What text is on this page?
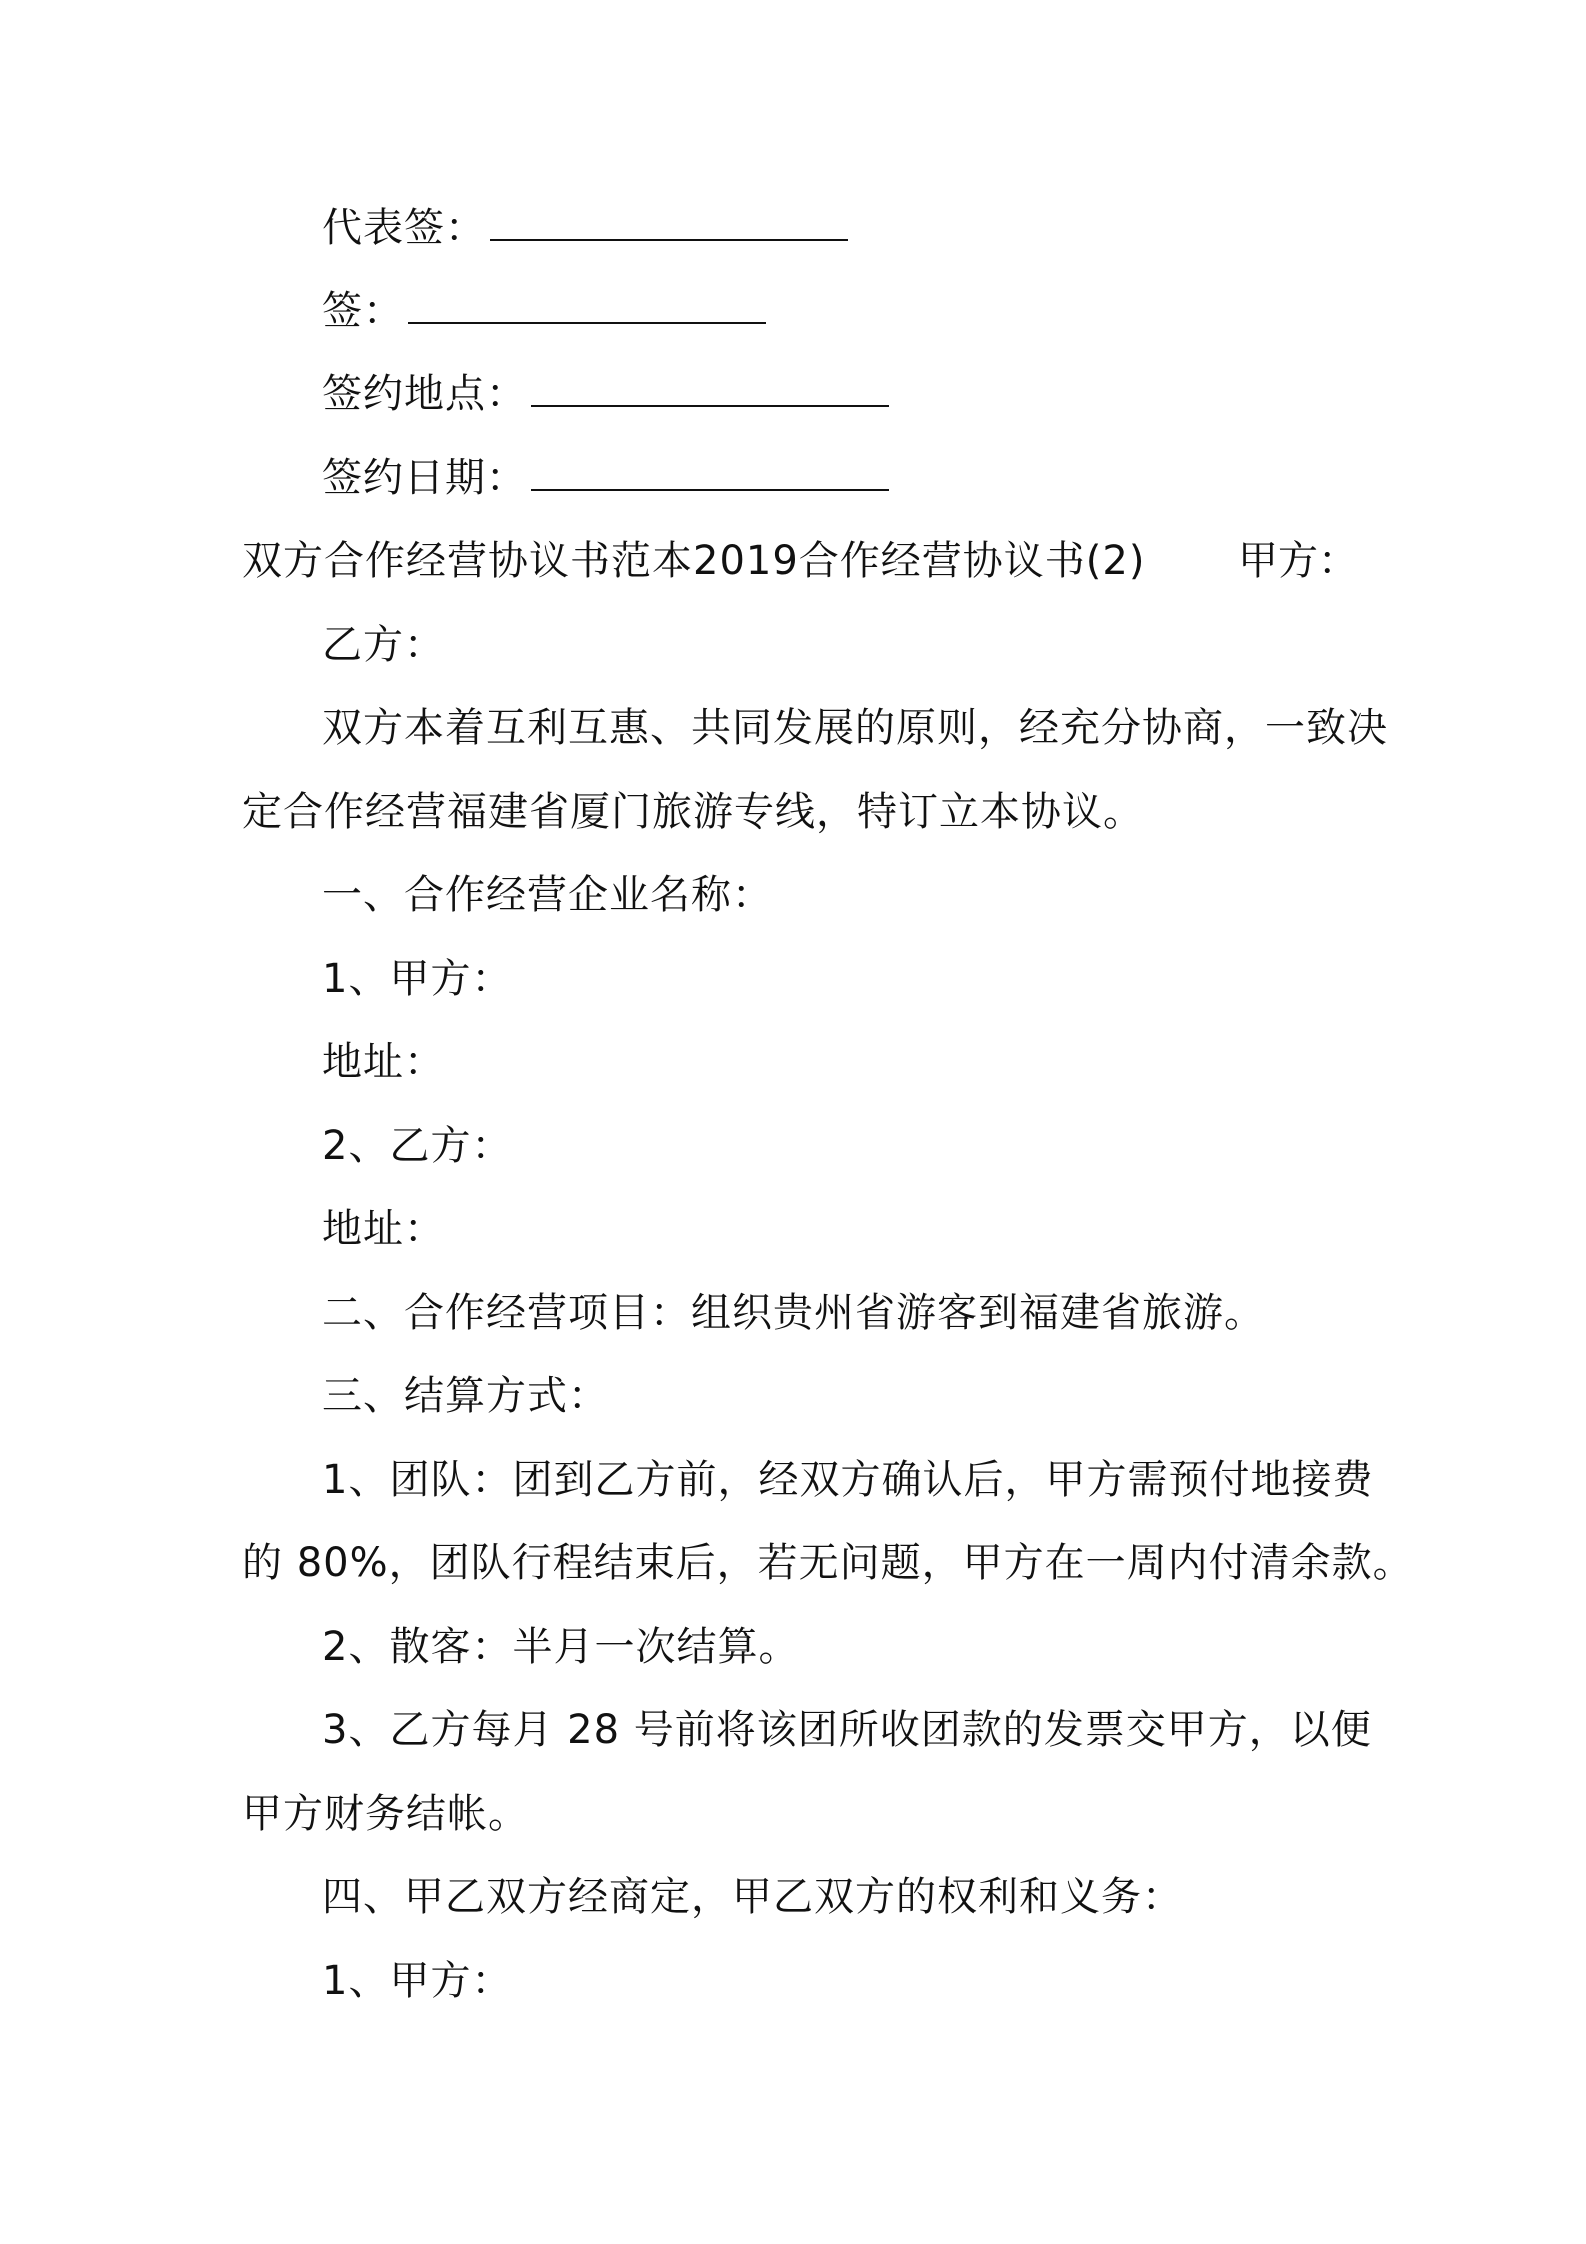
代表签：
签：
签约地点：
签约日期：
双方合作经营协议书范本2019合作经营协议书(2) 甲方：
乙方：
双方本着互利互惠、共同发展的原则，经充分协商，一致决
定合作经营福建省厦门旅游专线，特订立本协议。
一、合作经营企业名称：
1、甲方：
地址：
2、乙方：
地址：
二、合作经营项目：组织贵州省游客到福建省旅游。
三、结算方式：
1、团队：团到乙方前，经双方确认后，甲方需预付地接费
的 80%，团队行程结束后，若无问题，甲方在一周内付清余款。
2、散客：半月一次结算。
3、乙方每月 28 号前将该团所收团款的发票交甲方，以便
甲方财务结帐。
四、甲乙双方经商定，甲乙双方的权利和义务：
1、甲方：
